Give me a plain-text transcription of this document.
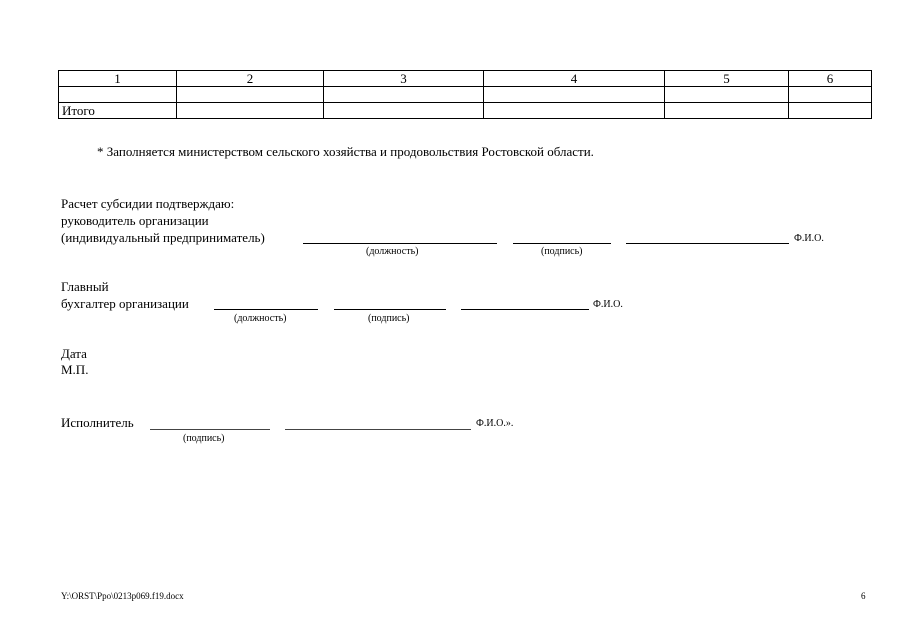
1	2	3	4	5	6

Итого					
* Заполняется министерством сельского хозяйства и продовольствия Ростовской области.
Расчет субсидии подтверждаю:
руководитель организации
(индивидуальный предприниматель)	Ф.И.О.
(должность)	(подпись)
Главный
бухгалтер организации	Ф.И.О.
(должность)	(подпись)
Дата
М.П.
Исполнитель	Ф.И.О.».
(подпись)
Y:\ORST\Ppo\0213p069.f19.docx	6
